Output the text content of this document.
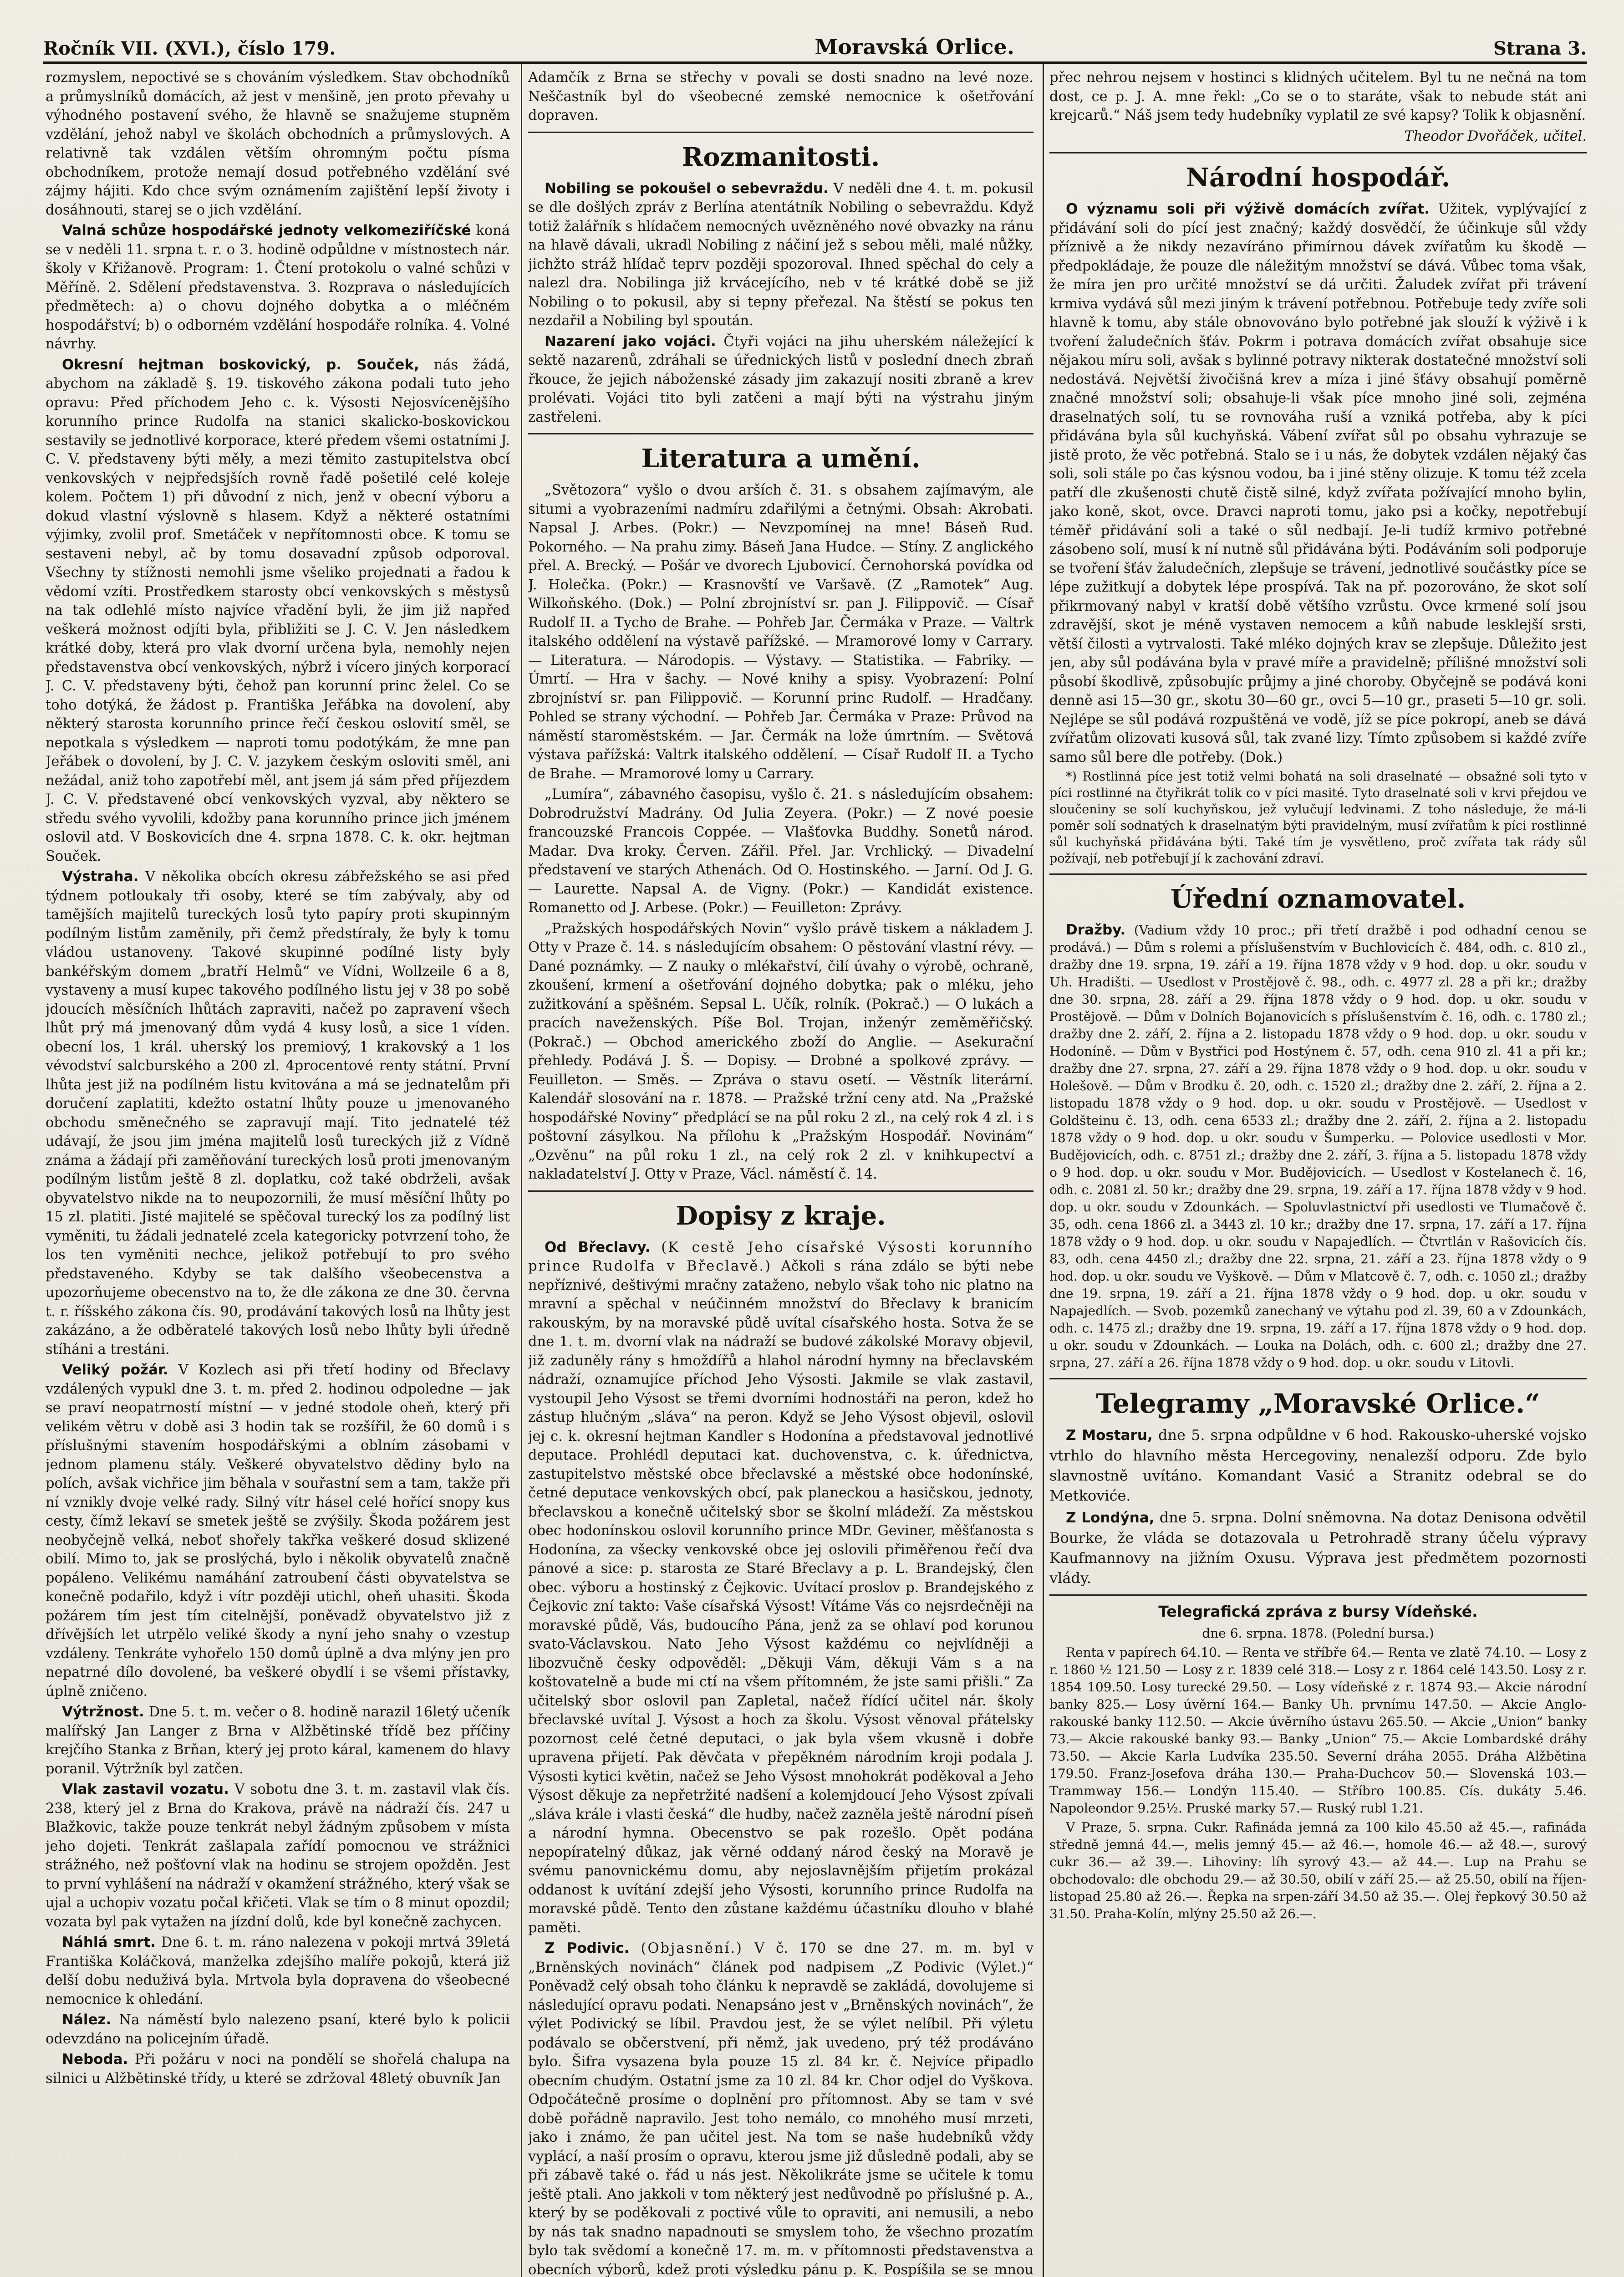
Ročník VII. (XVI.), číslo 179.	Moravská Orlice.	Strana 3.

rozmyslem, nepoctivé se s chováním výsledkem. Stav obchodníků a průmyslníků domácích, až jest v menšině, jen proto převahy u výhodného postavení svého, že hlavně se snažujeme stupněm vzdělání, jehož nabyl ve školách obchodních a průmyslových. A relativně tak vzdálen větším ohromným počtu písma obchodníkem, protože nemají dosud potřebného vzdělání své zájmy hájiti. Kdo chce svým oznámením zajištění lepší životy i dosáhnouti, starej se o jich vzdělání.

Valná schůze hospodářské jednoty velkomeziříčské koná se v neděli 11. srpna t. r. o 3. hodině odpůldne v místnostech nár. školy v Křižanově. Program: 1. Čtení protokolu o valné schůzi v Měříně. 2. Sdělení představenstva. 3. Rozprava o následujících předmětech: a) o chovu dojného dobytka a o mléčném hospodářství; b) o odborném vzdělání hospodáře rolníka. 4. Volné návrhy.

Okresní hejtman boskovický, p. Souček, nás žádá, abychom na základě §. 19. tiskového zákona podali tuto jeho opravu: Před příchodem Jeho c. k. Výsosti Nejosvícenějšího korunního prince Rudolfa na stanici skalicko-boskovickou sestavily se jednotlivé korporace, které předem všemi ostatními J. C. V. představeny býti měly, a mezi těmito zastupitelstva obcí venkovských v nejpředsjších rovně řadě pošetilé celé koleje kolem. Počtem 1) při důvodní z nich, jenž v obecní výboru a dokud vlastní výslovně s hlasem. Když a některé ostatními výjimky, zvolil prof. Smetáček v nepřítomnosti obce. K tomu se sestaveni nebyl, ač by tomu dosavadní způsob odporoval. Všechny ty stížnosti nemohli jsme všeliko projednati a řadou k vědomí vzíti. Prostředkem starosty obcí venkovských s městysů na tak odlehlé místo najvíce vřadění byli, že jim již napřed veškerá možnost odjíti byla, přibližiti se J. C. V. Jen následkem krátké doby, která pro vlak dvorní určena byla, nemohly nejen představenstva obcí venkovských, nýbrž i vícero jiných korporací J. C. V. představeny býti, čehož pan korunní princ želel. Co se toho dotýká, že žádost p. Františka Jeřábka na dovolení, aby některý starosta korunního prince řečí českou oslovití směl, se nepotkala s výsledkem — naproti tomu podotýkám, že mne pan Jeřábek o dovolení, by J. C. V. jazykem českým osloviti směl, ani nežádal, aniž toho zapotřebí měl, ant jsem já sám před příjezdem J. C. V. představené obcí venkovských vyzval, aby některo se středu svého vyvolili, kdožby pana korunního prince jich jménem oslovil atd. V Boskovicích dne 4. srpna 1878. C. k. okr. hejtman Souček.

Výstraha. V několika obcích okresu zábřežského se asi před týdnem potloukaly tři osoby, které se tím zabývaly, aby od tamějších majitelů tureckých losů tyto papíry proti skupinným podílným listům zaměnily, při čemž předstíraly, že byly k tomu vládou ustanoveny. Takové skupinné podílné listy byly bankéřským domem „bratří Helmů“ ve Vídni, Wollzeile 6 a 8, vystaveny a musí kupec takového podílného listu jej v 38 po sobě jdoucích měsíčních lhůtách zapraviti, načež po zapravení všech lhůt prý má jmenovaný dům vydá 4 kusy losů, a sice 1 víden. obecní los, 1 král. uherský los premiový, 1 krakovský a 1 los vévodství salcburského a 200 zl. 4procentové renty státní. První lhůta jest již na podílném listu kvitována a má se jednatelům při doručení zaplatiti, kdežto ostatní lhůty pouze u jmenovaného obchodu směnečného se zapravují mají. Tito jednatelé též udávají, že jsou jim jména majitelů losů tureckých již z Vídně známa a žádají při zaměňování tureckých losů proti jmenovaným podílným listům ještě 8 zl. doplatku, což také obdrželi, avšak obyvatelstvo nikde na to neupozornili, že musí měsíční lhůty po 15 zl. platiti. Jisté majitelé se spěčoval turecký los za podílný list vyměniti, tu žádali jednatelé zcela kategoricky potvrzení toho, že los ten vyměniti nechce, jelikož potřebují to pro svého představeného. Kdyby se tak dalšího všeobecenstva a upozorňujeme obecenstvo na to, že dle zákona ze dne 30. června t. r. říšského zákona čís. 90, prodávání takových losů na lhůty jest zakázáno, a že odběratelé takových losů nebo lhůty byli úředně stíháni a trestáni.

Veliký požár. V Kozlech asi při třetí hodiny od Břeclavy vzdálených vypukl dne 3. t. m. před 2. hodinou odpoledne — jak se praví neopatrností místní — v jedné stodole oheň, který při velikém větru v době asi 3 hodin tak se rozšířil, že 60 domů i s příslušnými stavením hospodářskými a oblním zásobami v jednom plamenu stály. Veškeré obyvatelstvo dědiny bylo na polích, avšak vichřice jim běhala v souřastní sem a tam, takže při ní vznikly dvoje velké rady. Silný vítr hásel celé hořící snopy kus cesty, čímž lekaví se smetek ještě se zvýšily. Škoda požárem jest neobyčejně velká, neboť shořely takřka veškeré dosud sklizené obilí. Mimo to, jak se proslýchá, bylo i několik obyvatelů značně popáleno. Velikému namáhání zatroubení části obyvatelstva se konečně podařilo, když i vítr později utichl, oheň uhasiti. Škoda požárem tím jest tím citelnější, poněvadž obyvatelstvo již z dřívějších let utrpělo veliké škody a nyní jeho snahy o vzestup vzdáleny. Tenkráte vyhořelo 150 domů úplně a dva mlýny jen pro nepatrné dílo dovolené, ba veškeré obydlí i se všemi přístavky, úplně zničeno.

Výtržnost. Dne 5. t. m. večer o 8. hodině narazil 16letý učeník malířský Jan Langer z Brna v Alžbětinské třídě bez příčiny krejčího Stanka z Brňan, který jej proto káral, kamenem do hlavy poranil. Výtržník byl zatčen.

Vlak zastavil vozatu. V sobotu dne 3. t. m. zastavil vlak čís. 238, který jel z Brna do Krakova, právě na nádraží čís. 247 u Blažkovic, takže pouze tenkrát nebyl žádným způsobem v místa jeho dojeti. Tenkrát zašlapala zařídí pomocnou ve strážnici strážného, než pošťovní vlak na hodinu se strojem opožděn. Jest to první vyhlášení na nádraží v okamžení strážného, který však se ujal a uchopiv vozatu počal křičeti. Vlak se tím o 8 minut opozdil; vozata byl pak vytažen na jízdní dolů, kde byl konečně zachycen.

Náhlá smrt. Dne 6. t. m. ráno nalezena v pokoji mrtvá 39letá Františka Koláčková, manželka zdejšího malíře pokojů, která již delší dobu neduživá byla. Mrtvola byla dopravena do všeobecné nemocnice k ohledání.

Nález. Na náměstí bylo nalezeno psaní, které bylo k policii odevzdáno na policejním úřadě.

Neboda. Při požáru v noci na pondělí se shořelá chalupa na silnici u Alžbětinské třídy, u které se zdržoval 48letý obuvník Jan

Adamčík z Brna se střechy v povali se dosti snadno na levé noze. Neščastník byl do všeobecné zemské nemocnice k ošetřování dopraven.

Rozmanitosti.

Nobiling se pokoušel o sebevraždu. V neděli dne 4. t. m. pokusil se dle došlých zpráv z Berlína atentátník Nobiling o sebevraždu. Když totiž žalářník s hlídačem nemocných uvězněného nové obvazky na ránu na hlavě dávali, ukradl Nobiling z náčiní jež s sebou měli, malé nůžky, jichžto stráž hlídač teprv později spozoroval. Ihned spěchal do cely a nalezl dra. Nobilinga již krvácejícího, neb v té krátké době se již Nobiling o to pokusil, aby si tepny přeřezal. Na štěstí se pokus ten nezdařil a Nobiling byl spoután.

Nazarení jako vojáci. Čtyři vojáci na jihu uherském náležející k sektě nazarenů, zdráhali se úřednických listů v poslední dnech zbraň řkouce, že jejich náboženské zásady jim zakazují nositi zbraně a krev prolévati. Vojáci tito byli zatčeni a mají býti na výstrahu jiným zastřeleni.

Literatura a umění.

„Světozora“ vyšlo o dvou arších č. 31. s obsahem zajímavým, ale situmi a vyobrazeními nadmíru zdařilými a četnými. Obsah: Akrobati. Napsal J. Arbes. (Pokr.) — Nevzpomínej na mne! Báseň Rud. Pokorného. — Na prahu zimy. Báseň Jana Hudce. — Stíny. Z anglického přel. A. Brecký. — Pošár ve dvorech Ljubovicí. Černohorská povídka od J. Holečka. (Pokr.) — Krasnovští ve Varšavě. (Z „Ramotek“ Aug. Wilkoňského. (Dok.) — Polní zbrojníství sr. pan J. Filippovič. — Císař Rudolf II. a Tycho de Brahe. — Pohřeb Jar. Čermáka v Praze. — Valtrk italského oddělení na výstavě pařížské. — Mramorové lomy v Carrary. — Literatura. — Národopis. — Výstavy. — Statistika. — Fabriky. — Úmrtí. — Hra v šachy. — Nové knihy a spisy. Vyobrazení: Polní zbrojníství sr. pan Filippovič. — Korunní princ Rudolf. — Hradčany. Pohled se strany východní. — Pohřeb Jar. Čermáka v Praze: Průvod na náměstí staroměstském. — Jar. Čermák na lože úmrtním. — Světová výstava pařížská: Valtrk italského oddělení. — Císař Rudolf II. a Tycho de Brahe. — Mramorové lomy u Carrary.

„Lumíra“, zábavného časopisu, vyšlo č. 21. s následujícím obsahem: Dobrodružství Madrány. Od Julia Zeyera. (Pokr.) — Z nové poesie francouzské Francois Coppée. — Vlašťovka Buddhy. Sonetů národ. Madar. Dva kroky. Červen. Zářil. Přel. Jar. Vrchlický. — Divadelní představení ve starých Athenách. Od O. Hostinského. — Jarní. Od J. G. — Laurette. Napsal A. de Vigny. (Pokr.) — Kandidát existence. Romanetto od J. Arbese. (Pokr.) — Feuilleton: Zprávy.

„Pražských hospodářských Novin“ vyšlo právě tiskem a nákladem J. Otty v Praze č. 14. s následujícím obsahem: O pěstování vlastní révy. — Dané poznámky. — Z nauky o mlékařství, čilí úvahy o výrobě, ochraně, zkoušení, krmení a ošetřování dojného dobytka; pak o mléku, jeho zužitkování a spěšném. Sepsal L. Učík, rolník. (Pokrač.) — O lukách a pracích naveženských. Píše Bol. Trojan, inženýr zeměměřičský. (Pokrač.) — Obchod amerického zboží do Anglie. — Asekurační přehledy. Podává J. Š. — Dopisy. — Drobné a spolkové zprávy. — Feuilleton. — Směs. — Zpráva o stavu osetí. — Věstník literární. Kalendář slosování na r. 1878. — Pražské tržní ceny atd. Na „Pražské hospodářské Noviny“ předplácí se na půl roku 2 zl., na celý rok 4 zl. i s poštovní zásylkou. Na přílohu k „Pražským Hospodář. Novinám“ „Ozvěnu“ na půl roku 1 zl., na celý rok 2 zl. v knihkupectví a nakladatelství J. Otty v Praze, Václ. náměstí č. 14.

Dopisy z kraje.

Od Břeclavy. (K cestě Jeho císařské Výsosti korunního prince Rudolfa v Břeclavě.) Ačkoli s rána zdálo se býti nebe nepříznivé, deštivými mračny zataženo, nebylo však toho nic platno na mravní a spěchal v neúčinném množství do Břeclavy k branicím rakouským, by na moravské půdě uvítal císařského hosta. Sotva že se dne 1. t. m. dvorní vlak na nádraží se budové zákolské Moravy objevil, již zaduněly rány s hmoždířů a hlahol národní hymny na břeclavském nádraží, oznamujíce příchod Jeho Výsosti. Jakmile se vlak zastavil, vystoupil Jeho Výsost se třemi dvorními hodnostáři na peron, kdež ho zástup hlučným „sláva“ na peron. Když se Jeho Výsost objevil, oslovil jej c. k. okresní hejtman Kandler s Hodonína a představoval jednotlivé deputace. Prohlédl deputaci kat. duchovenstva, c. k. úřednictva, zastupitelstvo městské obce břeclavské a městské obce hodonínské, četné deputace venkovských obcí, pak planeckou a hasičskou, jednoty, břeclavskou a konečně učitelský sbor se školní mládeží. Za městskou obec hodonínskou oslovil korunního prince MDr. Geviner, měšťanosta s Hodonína, za všecky venkovské obce jej oslovili přiměřenou řečí dva pánové a sice: p. starosta ze Staré Břeclavy a p. L. Brandejský, člen obec. výboru a hostinský z Čejkovic. Uvítací proslov p. Brandejského z Čejkovic zní takto: Vaše císařská Výsost! Vítáme Vás co nejsrdečněji na moravské půdě, Vás, budoucího Pána, jenž za se ohlaví pod korunou svato-Václavskou. Nato Jeho Výsost každému co nejvlídněji a libozvučně česky odpověděl: „Děkuji Vám, děkuji Vám s a na koštovatelně a bude mi ctí na všem přítomném, že jste sami přišli.“ Za učitelský sbor oslovil pan Zapletal, načež řídící učitel nár. školy břeclavské uvítal J. Výsost a hoch za školu. Výsost věnoval přátelsky pozornost celé četné deputaci, o jak byla všem vkusně i dobře upravena přijetí. Pak děvčata v přepěkném národním kroji podala J. Výsosti kytici květin, načež se Jeho Výsost mnohokrát poděkoval a Jeho Výsost děkuje za nepřetržité nadšení a kolemjdoucí Jeho Výsost zpívali „sláva krále i vlasti česká“ dle hudby, načež zazněla ještě národní píseň a národní hymna. Obecenstvo se pak rozešlo. Opět podána nepopíratelný důkaz, jak věrné oddaný národ český na Moravě je svému panovnickému domu, aby nejoslavnějším přijetím prokázal oddanost k uvítání zdejší jeho Výsosti, korunního prince Rudolfa na moravské půdě. Tento den zůstane každému účastníku dlouho v blahé paměti.

Z Podivic. (Objasnění.) V č. 170 se dne 27. m. m. byl v „Brněnských novinách“ článek pod nadpisem „Z Podivic (Výlet.)“ Poněvadž celý obsah toho článku k nepravdě se zakládá, dovolujeme si následující opravu podati. Nenapsáno jest v „Brněnských novinách“, že výlet Podivický se líbil. Pravdou jest, že se výlet nelíbil. Při výletu podávalo se občerstvení, při němž, jak uvedeno, prý též prodáváno bylo. Šifra vysazena byla pouze 15 zl. 84 kr. č. Nejvíce připadlo obecním chudým. Ostatní jsme za 10 zl. 84 kr. Chor odjel do Vyškova. Odpočátečně prosíme o doplnění pro přítomnost. Aby se tam v své době pořádně napravilo. Jest toho nemálo, co mnohého musí mrzeti, jako i známo, že pan učitel jest. Na tom se naše hudebníků vždy vyplácí, a naší prosím o opravu, kterou jsme již důsledně podali, aby se při zábavě také o. řád u nás jest. Několikráte jsme se učitele k tomu ještě ptali. Ano jakkoli v tom některý jest nedůvodně po příslušné p. A., který by se poděkovali z poctivé vůle to opraviti, ani nemusili, a nebo by nás tak snadno napadnouti se smyslem toho, že všechno prozatím bylo tak svědomí a konečně 17. m. m. v přítomnosti představenstva a obecních výborů, kdež proti výsledku pánu p. K. Pospíšila se se mnou

přec nehrou nejsem v hostinci s klidných učitelem. Byl tu ne nečná na tom dost, ce p. J. A. mne řekl: „Co se o to staráte, však to nebude stát ani krejcarů.“ Náš jsem tedy hudebníky vyplatil ze své kapsy? Tolik k objasnění.

Theodor Dvořáček, učitel.

Národní hospodář.

O významu soli při výživě domácích zvířat. Užitek, vyplývající z přidávání soli do pící jest značný; každý dosvědčí, že účinkuje sůl vždy příznivě a že nikdy nezavíráno přimírnou dávek zvířatům ku škodě — předpokládaje, že pouze dle náležitým množství se dává. Vůbec toma však, že míra jen pro určité množství se dá určiti. Žaludek zvířat při trávení krmiva vydává sůl mezi jiným k trávení potřebnou. Potřebuje tedy zvíře soli hlavně k tomu, aby stále obnovováno bylo potřebné jak slouží k výživě i k tvoření žaludečních šťáv. Pokrm i potrava domácích zvířat obsahuje sice nějakou míru soli, avšak s bylinné potravy nikterak dostatečné množství soli nedostává. Největší živočišná krev a míza i jiné šťávy obsahují poměrně značné množství soli; obsahuje-li však píce mnoho jiné soli, zejména draselnatých solí, tu se rovnováha ruší a vzniká potřeba, aby k píci přidávána byla sůl kuchyňská. Vábení zvířat sůl po obsahu vyhrazuje se jistě proto, že věc potřebná. Stalo se i u nás, že dobytek vzdálen nějaký čas soli, soli stále po čas kýsnou vodou, ba i jiné stěny olizuje. K tomu též zcela patří dle zkušenosti chutě čistě silné, když zvířata požívající mnoho bylin, jako koně, skot, ovce. Dravci naproti tomu, jako psi a kočky, nepotřebují téměř přidávání soli a také o sůl nedbají. Je-li tudíž krmivo potřebné zásobeno solí, musí k ní nutně sůl přidávána býti. Podáváním soli podporuje se tvoření šťáv žaludečních, zlepšuje se trávení, jednotlivé součástky píce se lépe zužitkují a dobytek lépe prospívá. Tak na př. pozorováno, že skot solí přikrmovaný nabyl v kratší době většího vzrůstu. Ovce krmené solí jsou zdravější, skot je méně vystaven nemocem a kůň nabude lesklejší srsti, větší čilosti a vytrvalosti. Také mléko dojných krav se zlepšuje. Důležito jest jen, aby sůl podávána byla v pravé míře a pravidelně; přílišné množství soli působí škodlivě, způsobujíc průjmy a jiné choroby. Obyčejně se podává koni denně asi 15—30 gr., skotu 30—60 gr., ovci 5—10 gr., praseti 5—10 gr. soli. Nejlépe se sůl podává rozpuštěná ve vodě, jíž se píce pokropí, aneb se dává zvířatům olizovati kusová sůl, tak zvané lizy. Tímto způsobem si každé zvíře samo sůl bere dle potřeby. (Dok.)

*) Rostlinná píce jest totiž velmi bohatá na soli draselnaté — obsažné soli tyto v píci rostlinné na čtyřikrát tolik co v píci masité. Tyto draselnaté soli v krvi přejdou ve sloučeniny se solí kuchyňskou, jež vylučují ledvinami. Z toho následuje, že má-li poměr solí sodnatých k draselnatým býti pravidelným, musí zvířatům k píci rostlinné sůl kuchyňská přidávána býti. Také tím je vysvětleno, proč zvířata tak rády sůl požívají, neb potřebují jí k zachování zdraví.

Úřední oznamovatel.

Dražby. (Vadium vždy 10 proc.; při třetí dražbě i pod odhadní cenou se prodává.) — Dům s rolemi a příslušenstvím v Buchlovicích č. 484, odh. c. 810 zl., dražby dne 19. srpna, 19. září a 19. října 1878 vždy v 9 hod. dop. u okr. soudu v Uh. Hradišti. — Usedlost v Prostějově č. 98., odh. c. 4977 zl. 28 a při kr.; dražby dne 30. srpna, 28. září a 29. října 1878 vždy o 9 hod. dop. u okr. soudu v Prostějově. — Dům v Dolních Bojanovicích s příslušenstvím č. 16, odh. c. 1780 zl.; dražby dne 2. září, 2. října a 2. listopadu 1878 vždy o 9 hod. dop. u okr. soudu v Hodoníně. — Dům v Bystřici pod Hostýnem č. 57, odh. cena 910 zl. 41 a při kr.; dražby dne 27. srpna, 27. září a 29. října 1878 vždy o 9 hod. dop. u okr. soudu v Holešově. — Dům v Brodku č. 20, odh. c. 1520 zl.; dražby dne 2. září, 2. října a 2. listopadu 1878 vždy o 9 hod. dop. u okr. soudu v Prostějově. — Usedlost v Goldšteinu č. 13, odh. cena 6533 zl.; dražby dne 2. září, 2. října a 2. listopadu 1878 vždy o 9 hod. dop. u okr. soudu v Šumperku. — Polovice usedlosti v Mor. Budějovicích, odh. c. 8751 zl.; dražby dne 2. září, 3. října a 5. listopadu 1878 vždy o 9 hod. dop. u okr. soudu v Mor. Budějovicích. — Usedlost v Kostelanech č. 16, odh. c. 2081 zl. 50 kr.; dražby dne 29. srpna, 19. září a 17. října 1878 vždy v 9 hod. dop. u okr. soudu v Zdounkách. — Spoluvlastnictví při usedlosti ve Tlumačově č. 35, odh. cena 1866 zl. a 3443 zl. 10 kr.; dražby dne 17. srpna, 17. září a 17. října 1878 vždy o 9 hod. dop. u okr. soudu v Napajedlích. — Čtvrtlán v Rašovicích čís. 83, odh. cena 4450 zl.; dražby dne 22. srpna, 21. září a 23. října 1878 vždy o 9 hod. dop. u okr. soudu ve Vyškově. — Dům v Mlatcově č. 7, odh. c. 1050 zl.; dražby dne 19. srpna, 19. září a 21. října 1878 vždy o 9 hod. dop. u okr. soudu v Napajedlích. — Svob. pozemků zanechaný ve výtahu pod zl. 39, 60 a v Zdounkách, odh. c. 1475 zl.; dražby dne 19. srpna, 19. září a 17. října 1878 vždy o 9 hod. dop. u okr. soudu v Zdounkách. — Louka na Dolách, odh. c. 600 zl.; dražby dne 27. srpna, 27. září a 26. října 1878 vždy o 9 hod. dop. u okr. soudu v Litovli.

Telegramy „Moravské Orlice.“

Z Mostaru, dne 5. srpna odpůldne v 6 hod. Rakousko-uherské vojsko vtrhlo do hlavního města Hercegoviny, nenalezší odporu. Zde bylo slavnostně uvítáno. Komandant Vasić a Stranitz odebral se do Metkoviće.

Z Londýna, dne 5. srpna. Dolní sněmovna. Na dotaz Denisona odvětil Bourke, že vláda se dotazovala u Petrohradě strany účelu výpravy Kaufmannovy na jižním Oxusu. Výprava jest předmětem pozornosti vlády.

Telegrafická zpráva z bursy Vídeňské.

dne 6. srpna. 1878. (Polední bursa.)

Renta v papírech 64.10. — Renta ve stříbře 64.— Renta ve zlatě 74.10. — Losy z r. 1860 ½ 121.50 — Losy z r. 1839 celé 318.— Losy z r. 1864 celé 143.50. Losy z r. 1854 109.50. Losy turecké 29.50. — Losy vídeňské z r. 1874 93.— Akcie národní banky 825.— Losy úvěrní 164.— Banky Uh. prvnímu 147.50. — Akcie Anglo-rakouské banky 112.50. — Akcie úvěrního ústavu 265.50. — Akcie „Union“ banky 73.— Akcie rakouské banky 93.— Banky „Union“ 75.— Akcie Lombardské dráhy 73.50. — Akcie Karla Ludvíka 235.50. Severní dráha 2055. Dráha Alžbětina 179.50. Franz-Josefova dráha 130.— Praha-Duchcov 50.— Slovenská 103.— Trammway 156.— Londýn 115.40. — Stříbro 100.85. Cís. dukáty 5.46. Napoleondor 9.25½. Pruské marky 57.— Ruský rubl 1.21.

V Praze, 5. srpna. Cukr. Rafináda jemná za 100 kilo 45.50 až 45.—, rafináda středně jemná 44.—, melis jemný 45.— až 46.—, homole 46.— až 48.—, surový cukr 36.— až 39.—. Lihoviny: líh syrový 43.— až 44.—. Lup na Prahu se obchodovalo: dle obchodu 29.— až 30.50, obilí v září 25.— až 25.50, obilí na říjen-listopad 25.80 až 26.—. Řepka na srpen-září 34.50 až 35.—. Olej řepkový 30.50 až 31.50. Praha-Kolín, mlýny 25.50 až 26.—.
